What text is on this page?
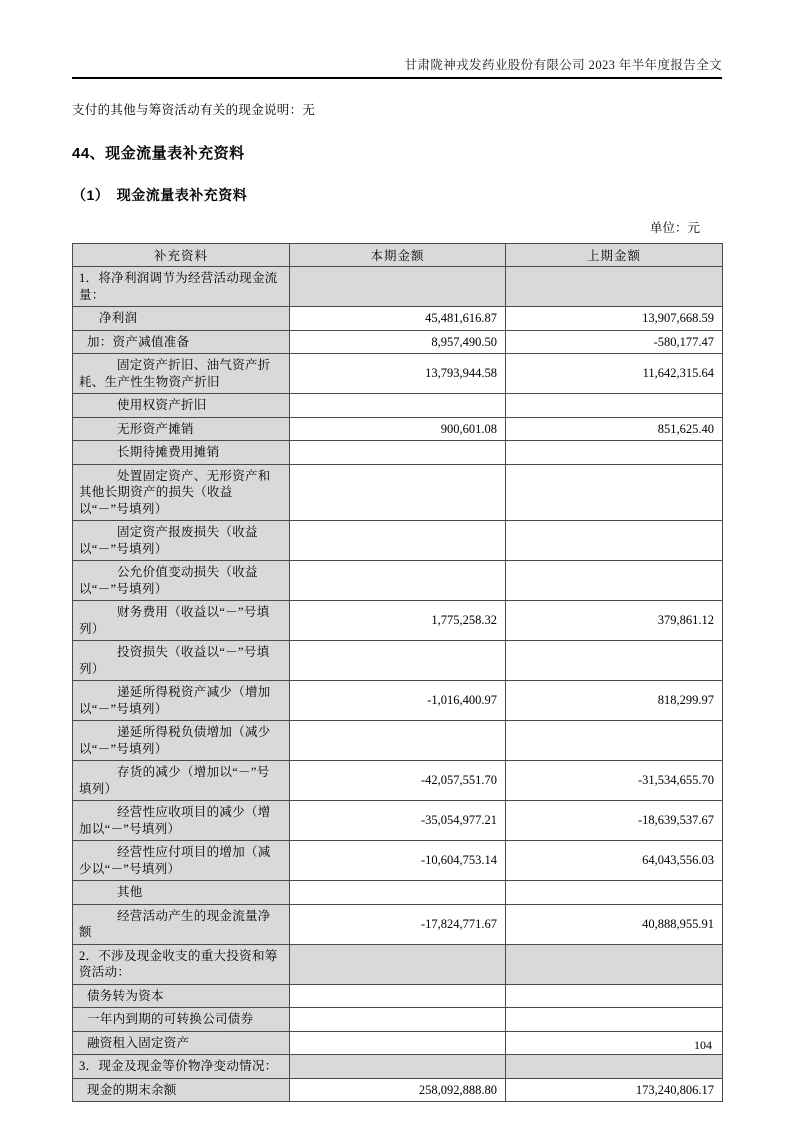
甘肃陇神戎发药业股份有限公司 2023 年半年度报告全文

支付的其他与筹资活动有关的现金说明：无

44、现金流量表补充资料
（1）　现金流量表补充资料
单位：元
补充资料	本期金额	上期金额
1．将净利润调节为经营活动现金流量：		
净利润	45,481,616.87	13,907,668.59
加：资产减值准备	8,957,490.50	-580,177.47
固定资产折旧、油气资产折耗、生产性生物资产折旧	13,793,944.58	11,642,315.64
使用权资产折旧		
无形资产摊销	900,601.08	851,625.40
长期待摊费用摊销		
处置固定资产、无形资产和其他长期资产的损失（收益以“－”号填列）		
固定资产报废损失（收益以“－”号填列）		
公允价值变动损失（收益以“－”号填列）		
财务费用（收益以“－”号填列）	1,775,258.32	379,861.12
投资损失（收益以“－”号填列）		
递延所得税资产减少（增加以“－”号填列）	-1,016,400.97	818,299.97
递延所得税负债增加（减少以“－”号填列）		
存货的减少（增加以“－”号填列）	-42,057,551.70	-31,534,655.70
经营性应收项目的减少（增加以“－”号填列）	-35,054,977.21	-18,639,537.67
经营性应付项目的增加（减少以“－”号填列）	-10,604,753.14	64,043,556.03
其他		
经营活动产生的现金流量净额	-17,824,771.67	40,888,955.91
2．不涉及现金收支的重大投资和筹资活动：		
债务转为资本		
一年内到期的可转换公司债券		
融资租入固定资产		
3．现金及现金等价物净变动情况：		
现金的期末余额	258,092,888.80	173,240,806.17
104
